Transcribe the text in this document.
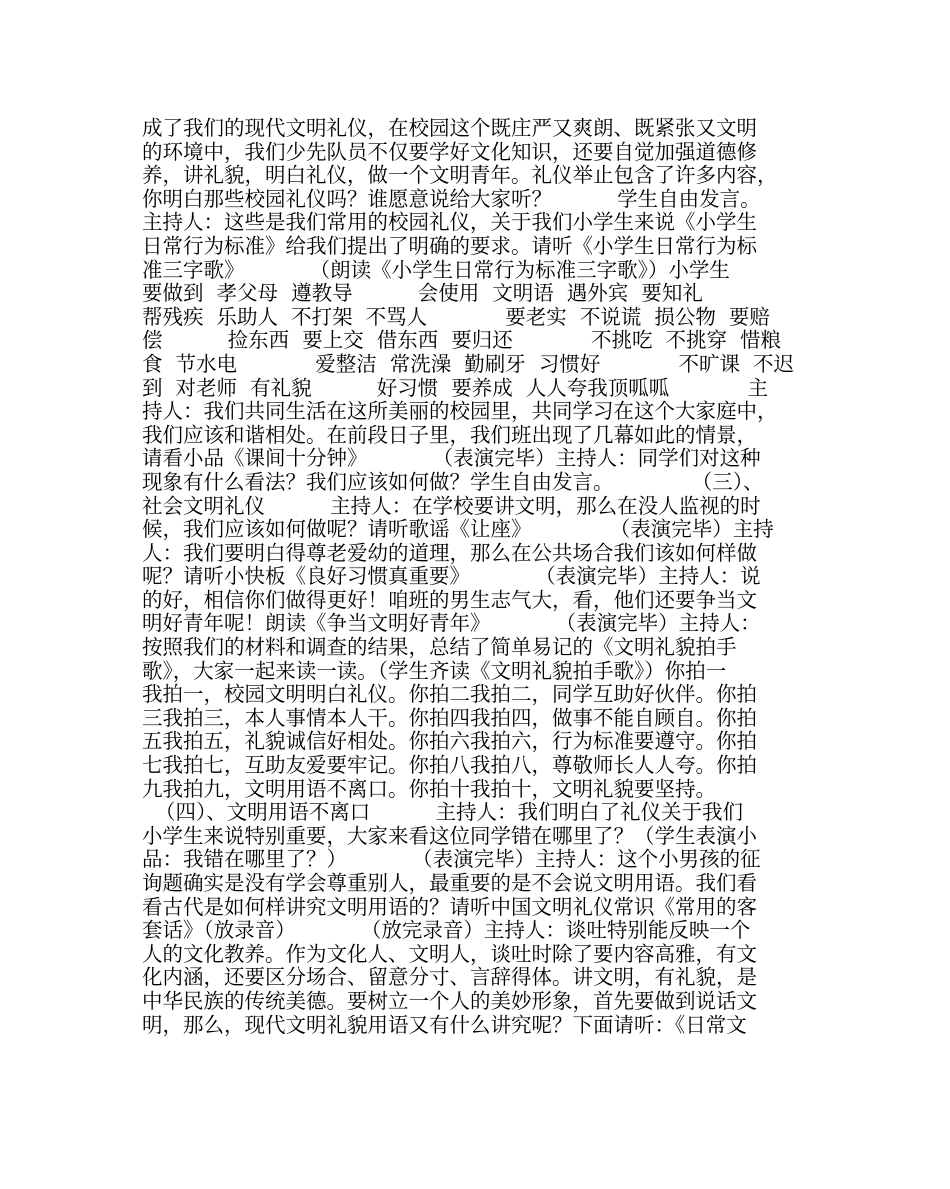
成了我们的现代文明礼仪，在校园这个既庄严又爽朗、既紧张又文明
的环境中，我们少先队员不仅要学好文化知识，还要自觉加强道德修
养，讲礼貌，明白礼仪，做一个文明青年。礼仪举止包含了许多内容，
你明白那些校园礼仪吗？谁愿意说给大家听？          学生自由发言。
主持人：这些是我们常用的校园礼仪，关于我们小学生来说《小学生
日常行为标准》给我们提出了明确的要求。请听《小学生日常行为标
准三字歌》          （朗读《小学生日常行为标准三字歌》）小学生
要做到  孝父母  遵教导          会使用  文明语  遇外宾  要知礼
帮残疾  乐助人  不打架  不骂人            要老实  不说谎  损公物  要赔
偿          捡东西  要上交  借东西  要归还            不挑吃  不挑穿  惜粮
食  节水电            爱整洁  常洗澡  勤刷牙  习惯好            不旷课  不迟
到  对老师  有礼貌          好习惯  要养成  人人夸我顶呱呱            主
持人：我们共同生活在这所美丽的校园里，共同学习在这个大家庭中，
我们应该和谐相处。在前段日子里，我们班出现了几幕如此的情景，
请看小品《课间十分钟》          （表演完毕）主持人：同学们对这种
现象有什么看法？我们应该如何做？学生自由发言。            （三）、
社会文明礼仪          主持人：在学校要讲文明，那么在没人监视的时
候，我们应该如何做呢？请听歌谣《让座》            （表演完毕）主持
人：我们要明白得尊老爱幼的道理，那么在公共场合我们该如何样做
呢？请听小快板《良好习惯真重要》          （表演完毕）主持人：说
的好，相信你们做得更好！咱班的男生志气大，看，他们还要争当文
明好青年呢！朗读《争当文明好青年》          （表演完毕）主持人：
按照我们的材料和调查的结果，总结了简单易记的《文明礼貌拍手
歌》，大家一起来读一读。（学生齐读《文明礼貌拍手歌》）你拍一
我拍一，校园文明明白礼仪。你拍二我拍二，同学互助好伙伴。你拍
三我拍三，本人事情本人干。你拍四我拍四，做事不能自顾自。你拍
五我拍五，礼貌诚信好相处。你拍六我拍六，行为标准要遵守。你拍
七我拍七，互助友爱要牢记。你拍八我拍八，尊敬师长人人夸。你拍
九我拍九，文明用语不离口。你拍十我拍十，文明礼貌要坚持。
（四）、文明用语不离口          主持人：我们明白了礼仪关于我们
小学生来说特别重要，大家来看这位同学错在哪里了？（学生表演小
品：我错在哪里了？）          （表演完毕）主持人：这个小男孩的征
询题确实是没有学会尊重别人，最重要的是不会说文明用语。我们看
看古代是如何样讲究文明用语的？请听中国文明礼仪常识《常用的客
套话》（放录音）          （放完录音）主持人：谈吐特别能反映一个
人的文化教养。作为文化人、文明人，谈吐时除了要内容高雅，有文
化内涵，还要区分场合、留意分寸、言辞得体。讲文明，有礼貌，是
中华民族的传统美德。要树立一个人的美妙形象，首先要做到说话文
明，那么，现代文明礼貌用语又有什么讲究呢？下面请听：《日常文
